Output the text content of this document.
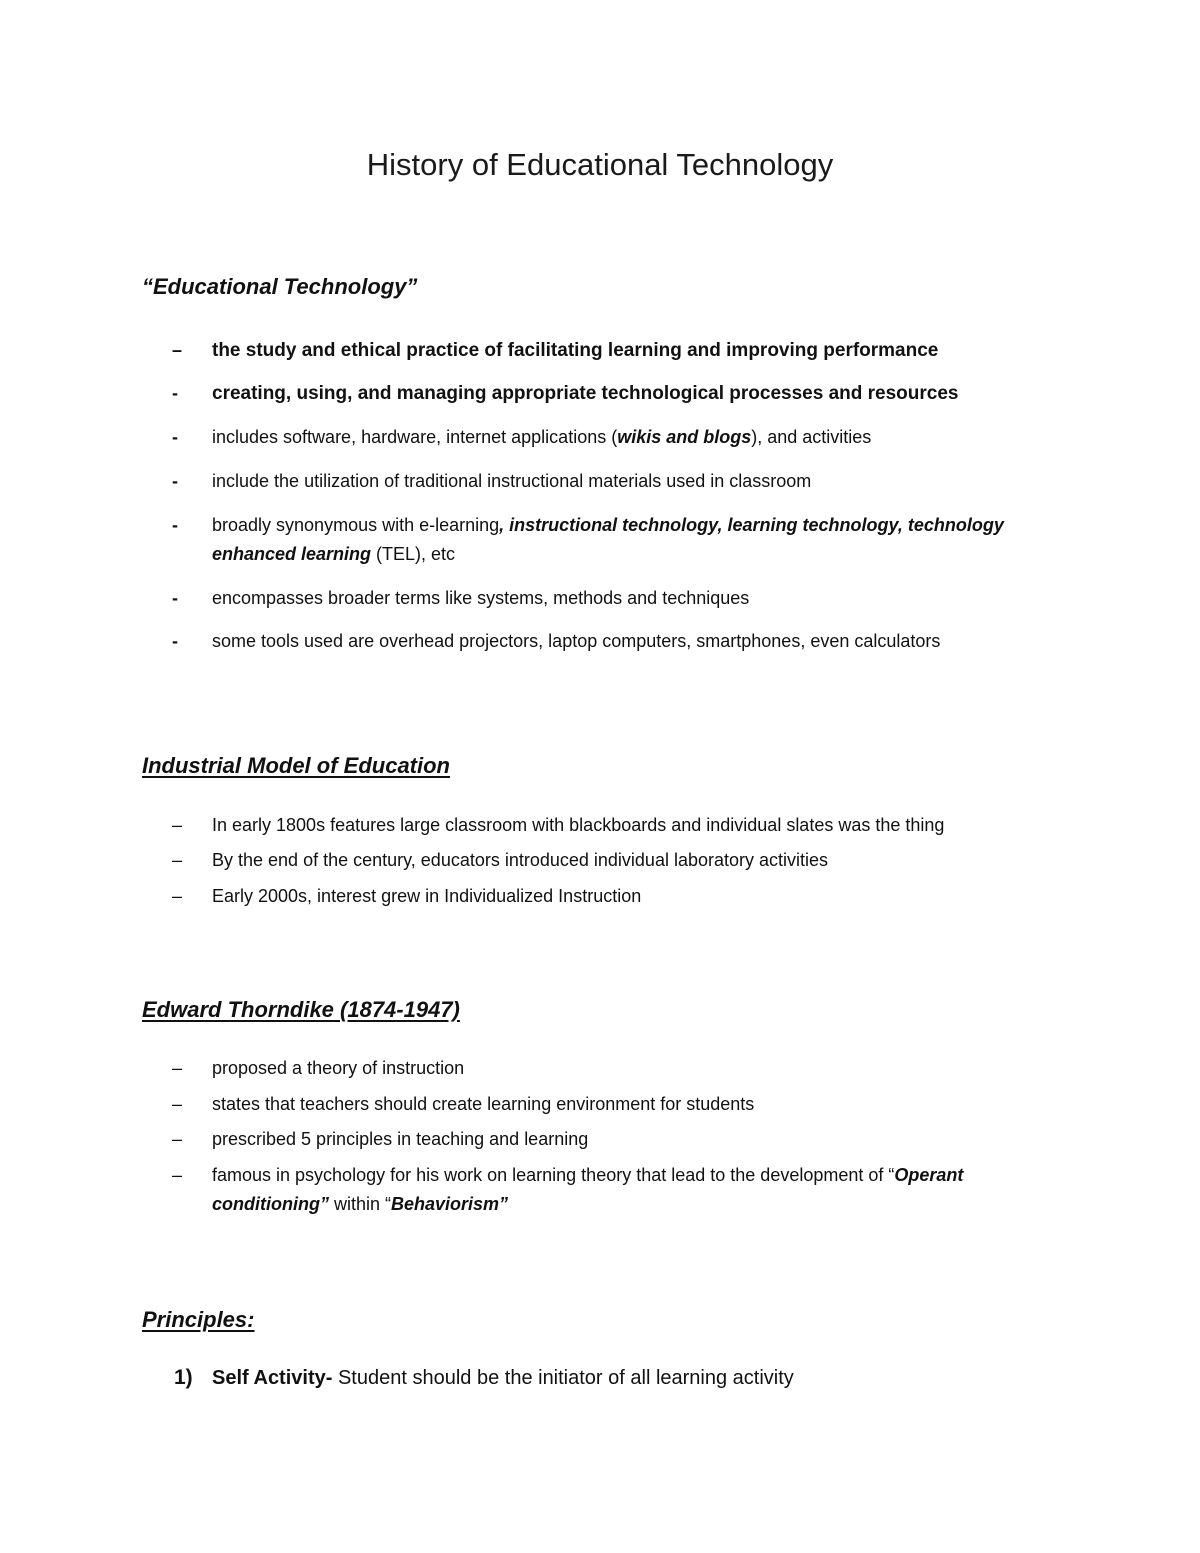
History of Educational Technology
“Educational Technology”
–	the study and ethical practice of facilitating learning and improving performance
-	creating, using, and managing appropriate technological processes and resources
-	includes software, hardware, internet applications (wikis and blogs), and activities
-	include the utilization of traditional instructional materials used in classroom
-	broadly synonymous with e-learning, instructional technology, learning technology, technology
enhanced learning (TEL), etc
-	encompasses broader terms like systems, methods and techniques
-	some tools used are overhead projectors, laptop computers, smartphones, even calculators
Industrial Model of Education
–	In early 1800s features large classroom with blackboards and individual slates was the thing
–	By the end of the century, educators introduced individual laboratory activities
–	Early 2000s, interest grew in Individualized Instruction
Edward Thorndike (1874-1947)
–	proposed a theory of instruction
–	states that teachers should create learning environment for students
–	prescribed 5 principles in teaching and learning
–	famous in psychology for his work on learning theory that lead to the development of “Operant
conditioning” within “Behaviorism”
Principles:
1) Self Activity- Student should be the initiator of all learning activity
